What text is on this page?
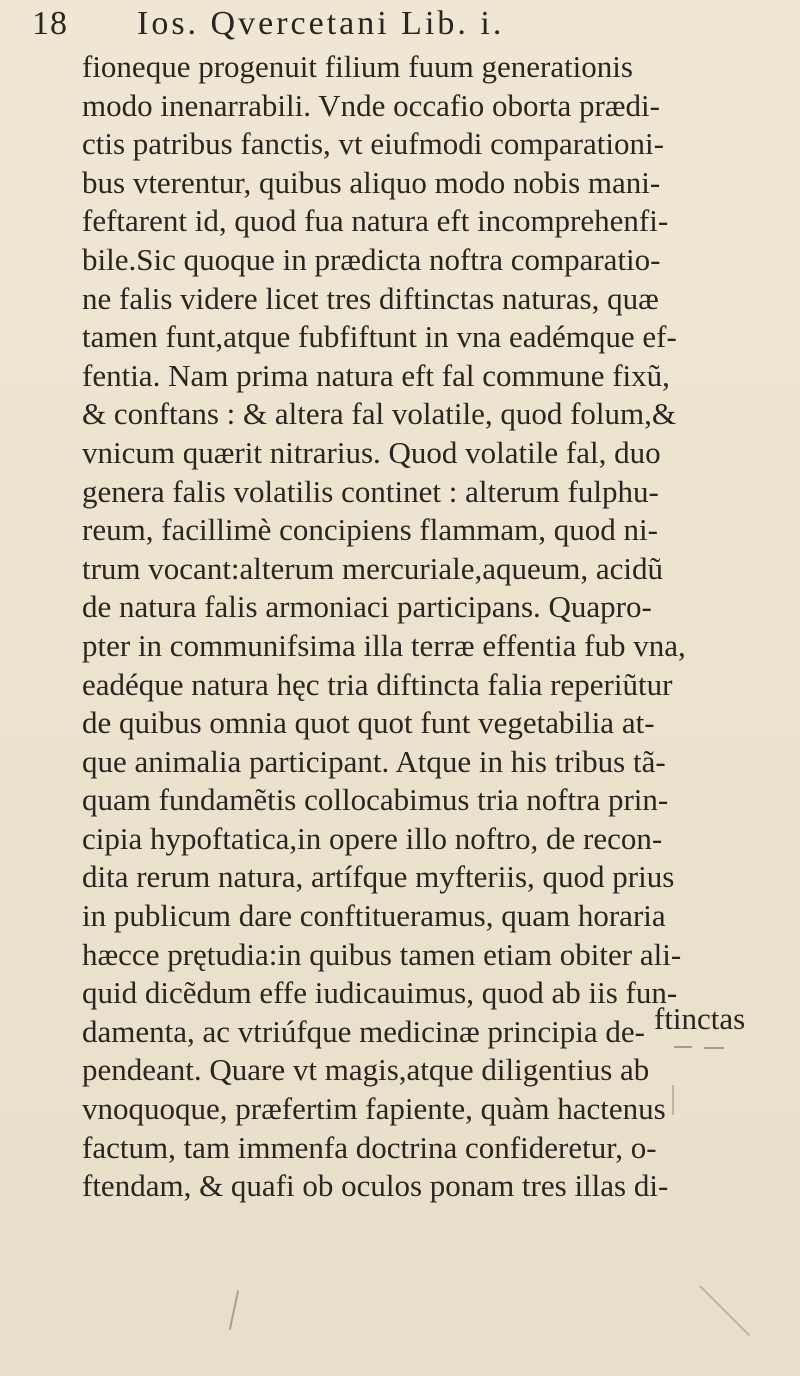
18 Ios. Qvercetani Lib. i.
fioneque progenuit filium fuum generationis
modo inenarrabili. Vnde occafio oborta prædi-
ctis patribus fanctis, vt eiufmodi comparationi-
bus vterentur, quibus aliquo modo nobis mani-
feftarent id, quod fua natura eft incomprehenfi-
bile.Sic quoque in prædicta noftra comparatio-
ne falis videre licet tres diftinctas naturas, quæ
tamen funt,atque fubfiftunt in vna eadémque ef-
fentia. Nam prima natura eft fal commune fixũ,
& conftans : & altera fal volatile, quod folum,&
vnicum quærit nitrarius. Quod volatile fal, duo
genera falis volatilis continet : alterum fulphu-
reum, facillimè concipiens flammam, quod ni-
trum vocant:alterum mercuriale,aqueum, acidũ
de natura falis armoniaci participans. Quapro-
pter in communifsima illa terræ effentia fub vna,
eadéque natura hęc tria diftincta falia reperiũtur
de quibus omnia quot quot funt vegetabilia at-
que animalia participant. Atque in his tribus tã-
quam fundamẽtis collocabimus tria noftra prin-
cipia hypoftatica,in opere illo noftro, de recon-
dita rerum natura, artífque myfteriis, quod prius
in publicum dare conftitueramus, quam horaria
hæcce prętudia:in quibus tamen etiam obiter ali-
quid dicẽdum effe iudicauimus, quod ab iis fun-
damenta, ac vtriúfque medicinæ principia de-
pendeant. Quare vt magis,atque diligentius ab
vnoquoque, præfertim fapiente, quàm hactenus
factum, tam immenfa doctrina confideretur, o-
ftendam, & quafi ob oculos ponam tres illas di-
ftinctas
